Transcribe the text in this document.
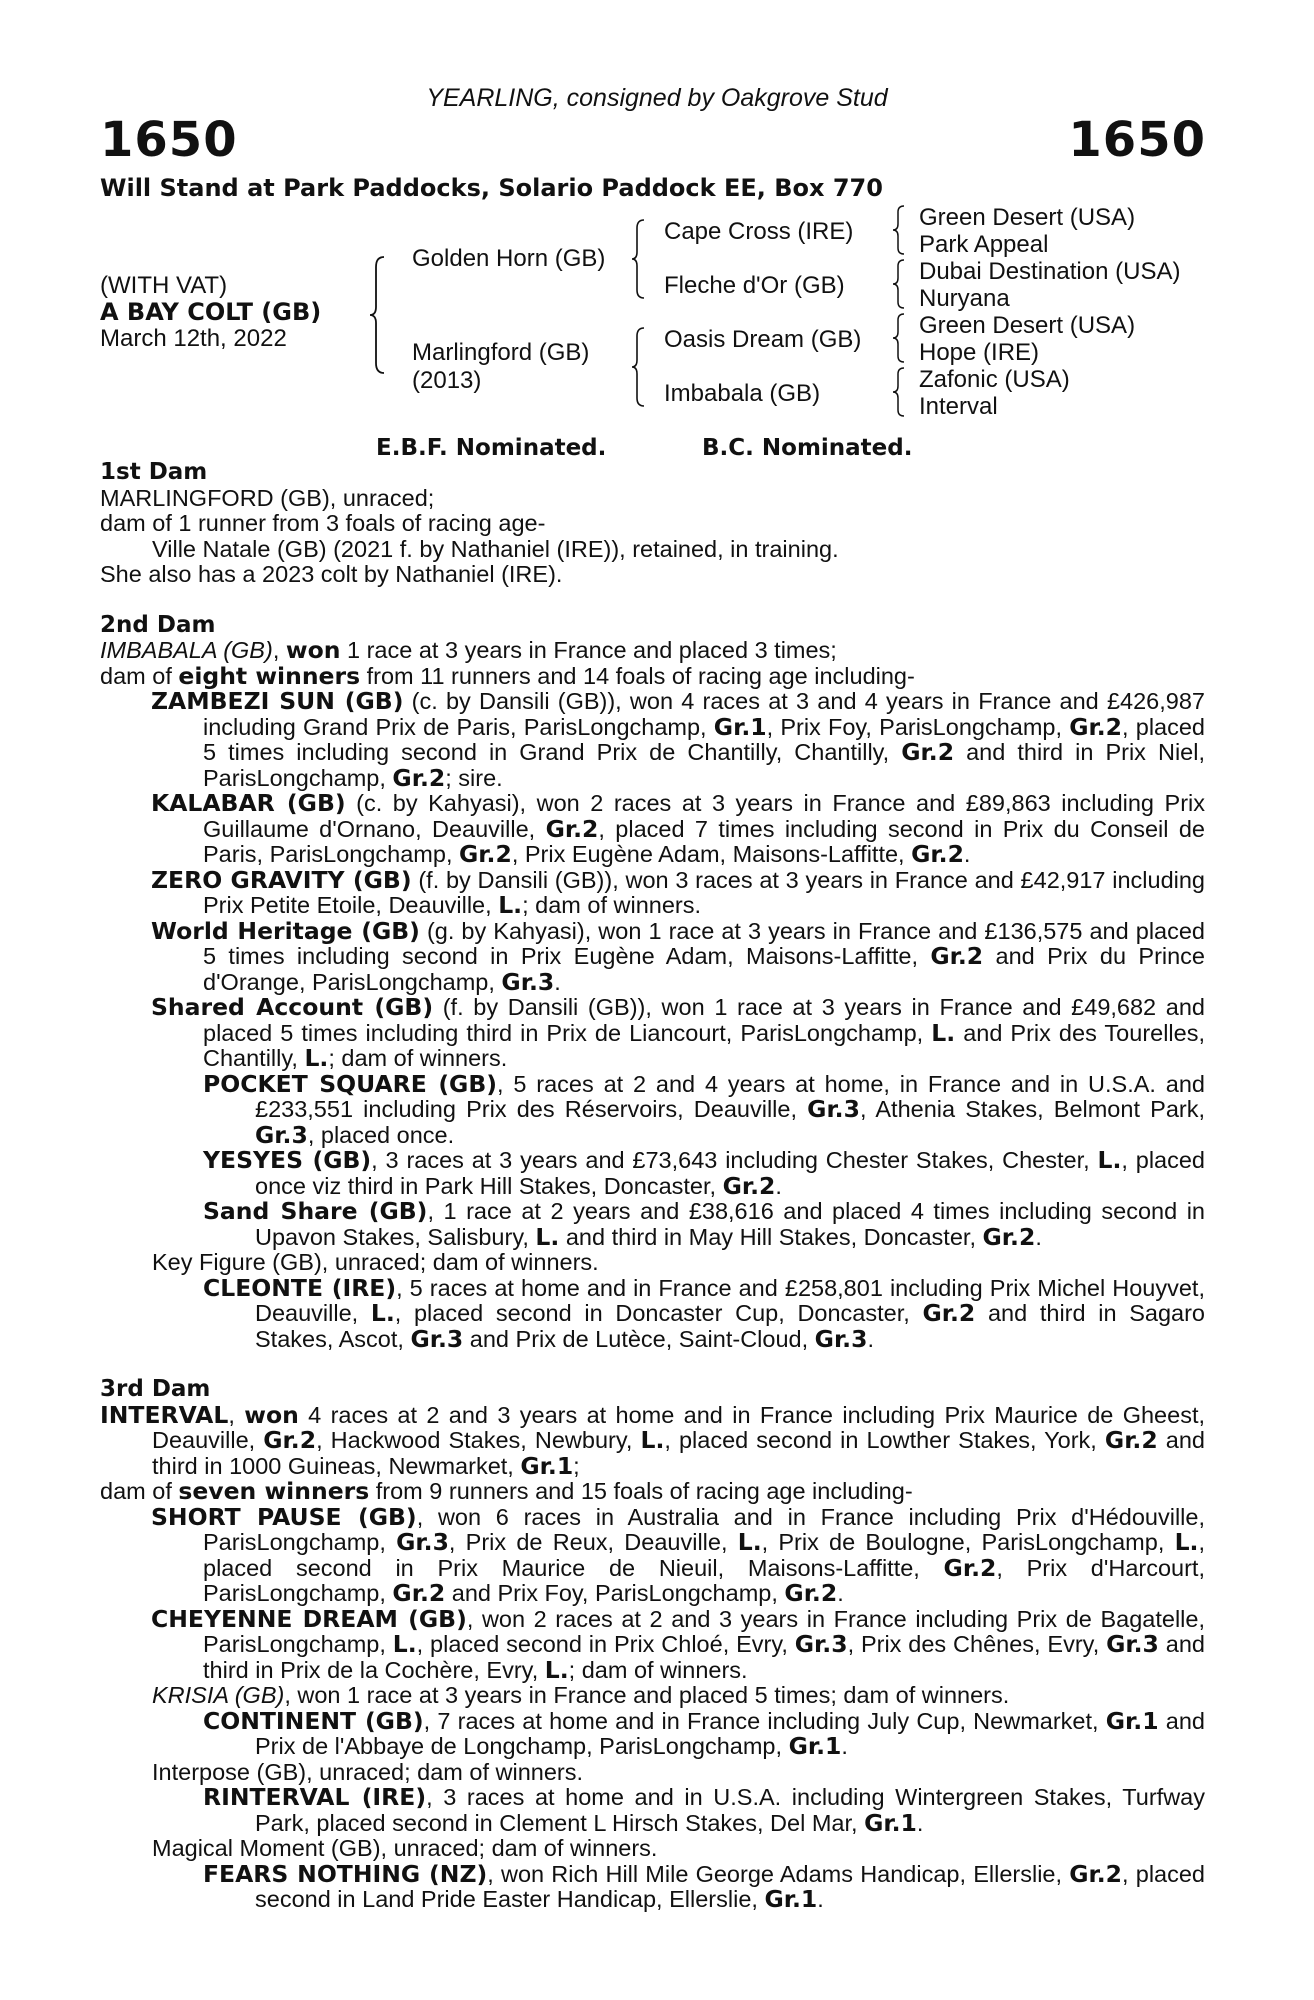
YEARLING, consigned by Oakgrove Stud
1650	1650
Will Stand at Park Paddocks, Solario Paddock EE, Box 770
(WITH VAT)
A BAY COLT (GB)
March 12th, 2022
Golden Horn (GB)
Marlingford (GB)
(2013)
Cape Cross (IRE)
Fleche d'Or (GB)
Oasis Dream (GB)
Imbabala (GB)
Green Desert (USA)
Park Appeal
Dubai Destination (USA)
Nuryana
Green Desert (USA)
Hope (IRE)
Zafonic (USA)
Interval
E.B.F. Nominated.	B.C. Nominated.

1st Dam

MARLINGFORD (GB), unraced;

dam of 1 runner from 3 foals of racing age-

Ville Natale (GB) (2021 f. by Nathaniel (IRE)), retained, in training.

She also has a 2023 colt by Nathaniel (IRE).

2nd Dam

IMBABALA (GB), won 1 race at 3 years in France and placed 3 times;

dam of eight winners from 11 runners and 14 foals of racing age including-

ZAMBEZI SUN (GB) (c. by Dansili (GB)), won 4 races at 3 and 4 years in France and £426,987 including Grand Prix de Paris, ParisLongchamp, Gr.1, Prix Foy, ParisLongchamp, Gr.2, placed 5 times including second in Grand Prix de Chantilly, Chantilly, Gr.2 and third in Prix Niel, ParisLongchamp, Gr.2; sire.

KALABAR (GB) (c. by Kahyasi), won 2 races at 3 years in France and £89,863 including Prix Guillaume d'Ornano, Deauville, Gr.2, placed 7 times including second in Prix du Conseil de Paris, ParisLongchamp, Gr.2, Prix Eugène Adam, Maisons-Laffitte, Gr.2.

ZERO GRAVITY (GB) (f. by Dansili (GB)), won 3 races at 3 years in France and £42,917 including Prix Petite Etoile, Deauville, L.; dam of winners.

World Heritage (GB) (g. by Kahyasi), won 1 race at 3 years in France and £136,575 and placed 5 times including second in Prix Eugène Adam, Maisons-Laffitte, Gr.2 and Prix du Prince d'Orange, ParisLongchamp, Gr.3.

Shared Account (GB) (f. by Dansili (GB)), won 1 race at 3 years in France and £49,682 and placed 5 times including third in Prix de Liancourt, ParisLongchamp, L. and Prix des Tourelles, Chantilly, L.; dam of winners.

POCKET SQUARE (GB), 5 races at 2 and 4 years at home, in France and in U.S.A. and £233,551 including Prix des Réservoirs, Deauville, Gr.3, Athenia Stakes, Belmont Park, Gr.3, placed once.

YESYES (GB), 3 races at 3 years and £73,643 including Chester Stakes, Chester, L., placed once viz third in Park Hill Stakes, Doncaster, Gr.2.

Sand Share (GB), 1 race at 2 years and £38,616 and placed 4 times including second in Upavon Stakes, Salisbury, L. and third in May Hill Stakes, Doncaster, Gr.2.

Key Figure (GB), unraced; dam of winners.

CLEONTE (IRE), 5 races at home and in France and £258,801 including Prix Michel Houyvet, Deauville, L., placed second in Doncaster Cup, Doncaster, Gr.2 and third in Sagaro Stakes, Ascot, Gr.3 and Prix de Lutèce, Saint-Cloud, Gr.3.

3rd Dam

INTERVAL, won 4 races at 2 and 3 years at home and in France including Prix Maurice de Gheest, Deauville, Gr.2, Hackwood Stakes, Newbury, L., placed second in Lowther Stakes, York, Gr.2 and third in 1000 Guineas, Newmarket, Gr.1;

dam of seven winners from 9 runners and 15 foals of racing age including-

SHORT PAUSE (GB), won 6 races in Australia and in France including Prix d'Hédouville, ParisLongchamp, Gr.3, Prix de Reux, Deauville, L., Prix de Boulogne, ParisLongchamp, L., placed second in Prix Maurice de Nieuil, Maisons-Laffitte, Gr.2, Prix d'Harcourt, ParisLongchamp, Gr.2 and Prix Foy, ParisLongchamp, Gr.2.

CHEYENNE DREAM (GB), won 2 races at 2 and 3 years in France including Prix de Bagatelle, ParisLongchamp, L., placed second in Prix Chloé, Evry, Gr.3, Prix des Chênes, Evry, Gr.3 and third in Prix de la Cochère, Evry, L.; dam of winners.

KRISIA (GB), won 1 race at 3 years in France and placed 5 times; dam of winners.

CONTINENT (GB), 7 races at home and in France including July Cup, Newmarket, Gr.1 and Prix de l'Abbaye de Longchamp, ParisLongchamp, Gr.1.

Interpose (GB), unraced; dam of winners.

RINTERVAL (IRE), 3 races at home and in U.S.A. including Wintergreen Stakes, Turfway Park, placed second in Clement L Hirsch Stakes, Del Mar, Gr.1.

Magical Moment (GB), unraced; dam of winners.

FEARS NOTHING (NZ), won Rich Hill Mile George Adams Handicap, Ellerslie, Gr.2, placed second in Land Pride Easter Handicap, Ellerslie, Gr.1.
